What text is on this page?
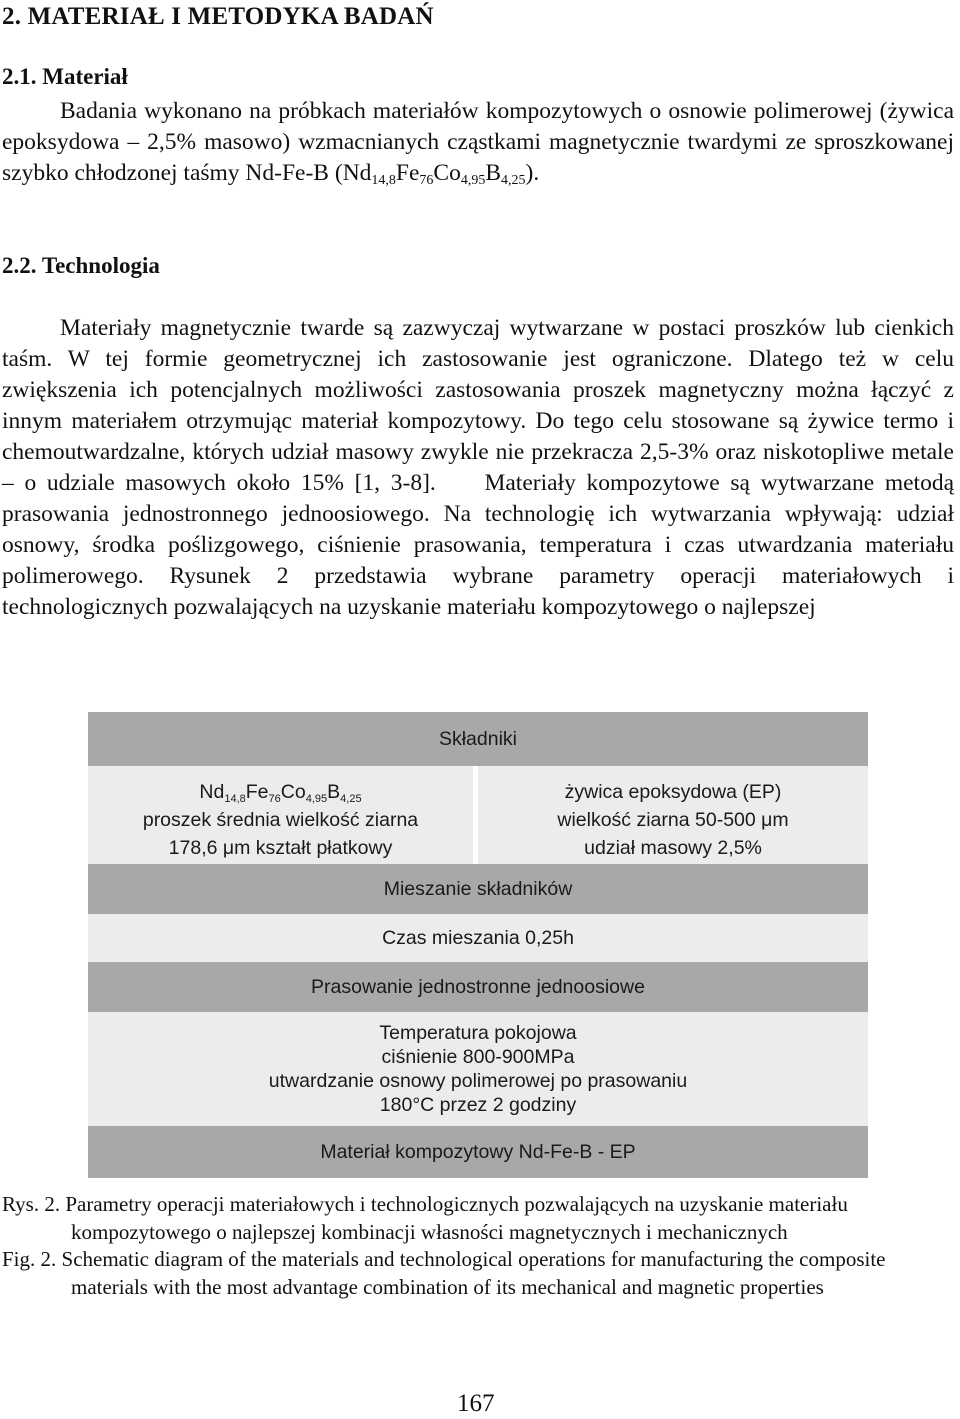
2. MATERIAŁ I METODYKA BADAŃ
2.1. Materiał
Badania wykonano na próbkach materiałów kompozytowych o osnowie polimerowej (żywica epoksydowa – 2,5% masowo) wzmacnianych cząstkami magnetycznie twardymi ze sproszkowanej szybko chłodzonej taśmy Nd-Fe-B $(Nd_{14,8}Fe_{76}Co_{4,95}B_{4,25})$.
2.2. Technologia
Materiały magnetycznie twarde są zazwyczaj wytwarzane w postaci proszków lub cienkich taśm. W tej formie geometrycznej ich zastosowanie jest ograniczone. Dlatego też w celu zwiększenia ich potencjalnych możliwości zastosowania proszek magnetyczny można łączyć z innym materiałem otrzymując materiał kompozytowy. Do tego celu stosowane są żywice termo i chemoutwardzalne, których udział masowy zwykle nie przekracza 2,5-3% oraz niskotopliwe metale – o udziale masowych około 15% [1, 3-8]. Materiały kompozytowe są wytwarzane metodą prasowania jednostronnego jednoosiowego. Na technologię ich wytwarzania wpływają: udział osnowy, środka poślizgowego, ciśnienie prasowania, temperatura i czas utwardzania materiału polimerowego. Rysunek 2 przedstawia wybrane parametry operacji materiałowych i technologicznych pozwalających na uzyskanie materiału kompozytowego o najlepszej
Składniki
$Nd_{14,8}Fe_{76}Co_{4,95}B_{4,25}$
proszek średnia wielkość ziarna
178,6 μm kształt płatkowy
żywica epoksydowa (EP)
wielkość ziarna 50-500 μm
udział masowy 2,5%
Mieszanie składników
Czas mieszania 0,25h
Prasowanie jednostronne jednoosiowe
Temperatura pokojowa
ciśnienie 800-900MPa
utwardzanie osnowy polimerowej po prasowaniu
180°C przez 2 godziny
Materiał kompozytowy Nd-Fe-B - EP
Rys. 2. Parametry operacji materiałowych i technologicznych pozwalających na uzyskanie materiału
kompozytowego o najlepszej kombinacji własności magnetycznych i mechanicznych
Fig. 2. Schematic diagram of the materials and technological operations for manufacturing the composite
materials with the most advantage combination of its mechanical and magnetic properties
167
